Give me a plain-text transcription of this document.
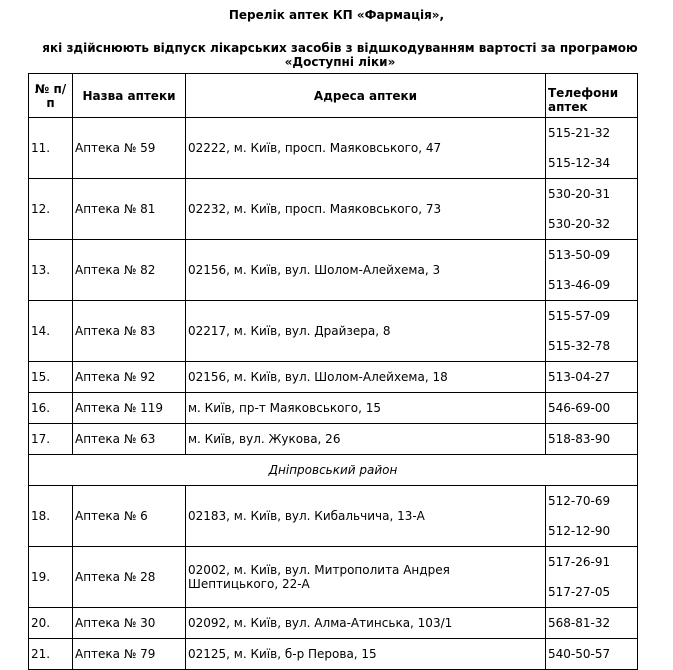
Перелік аптек КП «Фармація»,
які здійснюють відпуск лікарських засобів з відшкодуванням вартості за програмою «Доступні ліки»
№ п/п	Назва аптеки	Адреса аптеки	Телефони аптек
11.	Аптека № 59	02222, м. Київ, просп. Маяковського, 47	515-21-32
515-12-34

12.	Аптека № 81	02232, м. Київ, просп. Маяковського, 73	530-20-31
530-20-32

13.	Аптека № 82	02156, м. Київ, вул. Шолом-Алейхема, 3	513-50-09
513-46-09

14.	Аптека № 83	02217, м. Київ, вул. Драйзера, 8	515-57-09
515-32-78

15.	Аптека № 92	02156, м. Київ, вул. Шолом-Алейхема, 18	513-04-27

16.	Аптека № 119	м. Київ, пр-т Маяковського, 15	546-69-00

17.	Аптека № 63	м. Київ, вул. Жукова, 26	518-83-90

Дніпровський район			
18.	Аптека № 6	02183, м. Київ, вул. Кибальчича, 13-А	512-70-69
512-12-90

19.	Аптека № 28	02002, м. Київ, вул. Митрополита Андрея Шептицького, 22-А	517-26-91
517-27-05

20.	Аптека № 30	02092, м. Київ, вул. Алма-Атинська, 103/1	568-81-32

21.	Аптека № 79	02125, м. Київ, б-р Перова, 15	540-50-57
